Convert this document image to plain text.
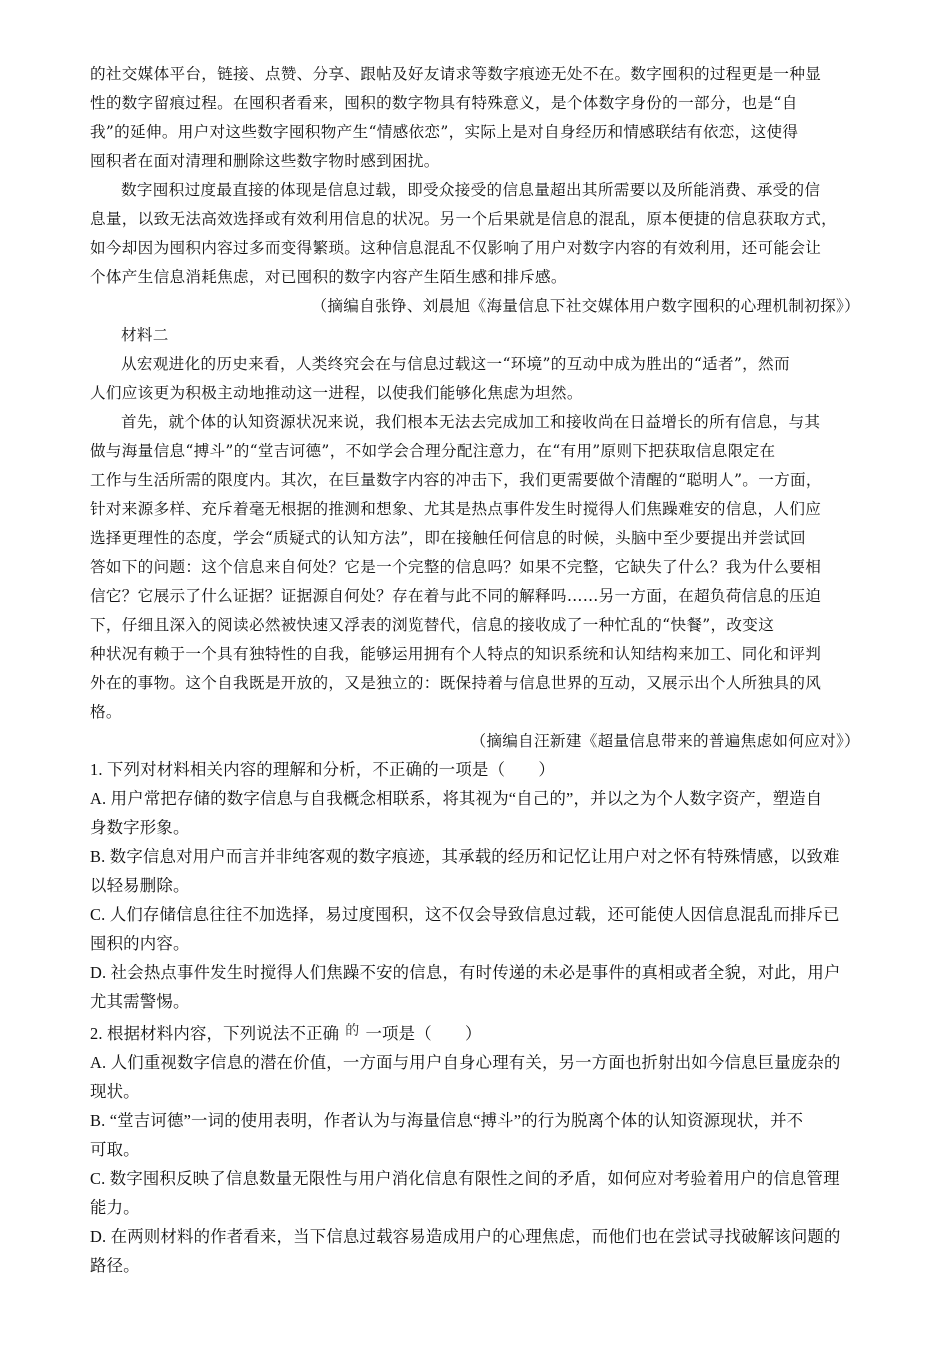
的社交媒体平台，链接、点赞、分享、跟帖及好友请求等数字痕迹无处不在。数字囤积的过程更是一种显
性的数字留痕过程。在囤积者看来，囤积的数字物具有特殊意义，是个体数字身份的一部分，也是“自
我”的延伸。用户对这些数字囤积物产生“情感依恋”，实际上是对自身经历和情感联结有依恋，这使得
囤积者在面对清理和删除这些数字物时感到困扰。
数字囤积过度最直接的体现是信息过载，即受众接受的信息量超出其所需要以及所能消费、承受的信
息量，以致无法高效选择或有效利用信息的状况。另一个后果就是信息的混乱，原本便捷的信息获取方式，
如今却因为囤积内容过多而变得繁琐。这种信息混乱不仅影响了用户对数字内容的有效利用，还可能会让
个体产生信息消耗焦虑，对已囤积的数字内容产生陌生感和排斥感。
（摘编自张铮、刘晨旭《海量信息下社交媒体用户数字囤积的心理机制初探》）
材料二
从宏观进化的历史来看，人类终究会在与信息过载这一“环境”的互动中成为胜出的“适者”，然而
人们应该更为积极主动地推动这一进程，以使我们能够化焦虑为坦然。
首先，就个体的认知资源状况来说，我们根本无法去完成加工和接收尚在日益增长的所有信息，与其
做与海量信息“搏斗”的“堂吉诃德”，不如学会合理分配注意力，在“有用”原则下把获取信息限定在
工作与生活所需的限度内。其次，在巨量数字内容的冲击下，我们更需要做个清醒的“聪明人”。一方面，
针对来源多样、充斥着毫无根据的推测和想象、尤其是热点事件发生时搅得人们焦躁难安的信息，人们应
选择更理性的态度，学会“质疑式的认知方法”，即在接触任何信息的时候，头脑中至少要提出并尝试回
答如下的问题：这个信息来自何处？它是一个完整的信息吗？如果不完整，它缺失了什么？我为什么要相
信它？它展示了什么证据？证据源自何处？存在着与此不同的解释吗……另一方面，在超负荷信息的压迫
下，仔细且深入的阅读必然被快速又浮表的浏览替代，信息的接收成了一种忙乱的“快餐”，改变这
种状况有赖于一个具有独特性的自我，能够运用拥有个人特点的知识系统和认知结构来加工、同化和评判
外在的事物。这个自我既是开放的，又是独立的：既保持着与信息世界的互动，又展示出个人所独具的风
格。
（摘编自汪新建《超量信息带来的普遍焦虑如何应对》）
1. 下列对材料相关内容的理解和分析，不正确的一项是（　　）
A. 用户常把存储的数字信息与自我概念相联系，将其视为“自己的”，并以之为个人数字资产，塑造自
身数字形象。
B. 数字信息对用户而言并非纯客观的数字痕迹，其承载的经历和记忆让用户对之怀有特殊情感，以致难
以轻易删除。
C. 人们存储信息往往不加选择，易过度囤积，这不仅会导致信息过载，还可能使人因信息混乱而排斥已
囤积的内容。
D. 社会热点事件发生时搅得人们焦躁不安的信息，有时传递的未必是事件的真相或者全貌，对此，用户
尤其需警惕。
2. 根据材料内容，下列说法不正确 的 一项是（　　）
A. 人们重视数字信息的潜在价值，一方面与用户自身心理有关，另一方面也折射出如今信息巨量庞杂的
现状。
B. “堂吉诃德”一词的使用表明，作者认为与海量信息“搏斗”的行为脱离个体的认知资源现状，并不
可取。
C. 数字囤积反映了信息数量无限性与用户消化信息有限性之间的矛盾，如何应对考验着用户的信息管理
能力。
D. 在两则材料的作者看来，当下信息过载容易造成用户的心理焦虑，而他们也在尝试寻找破解该问题的
路径。
